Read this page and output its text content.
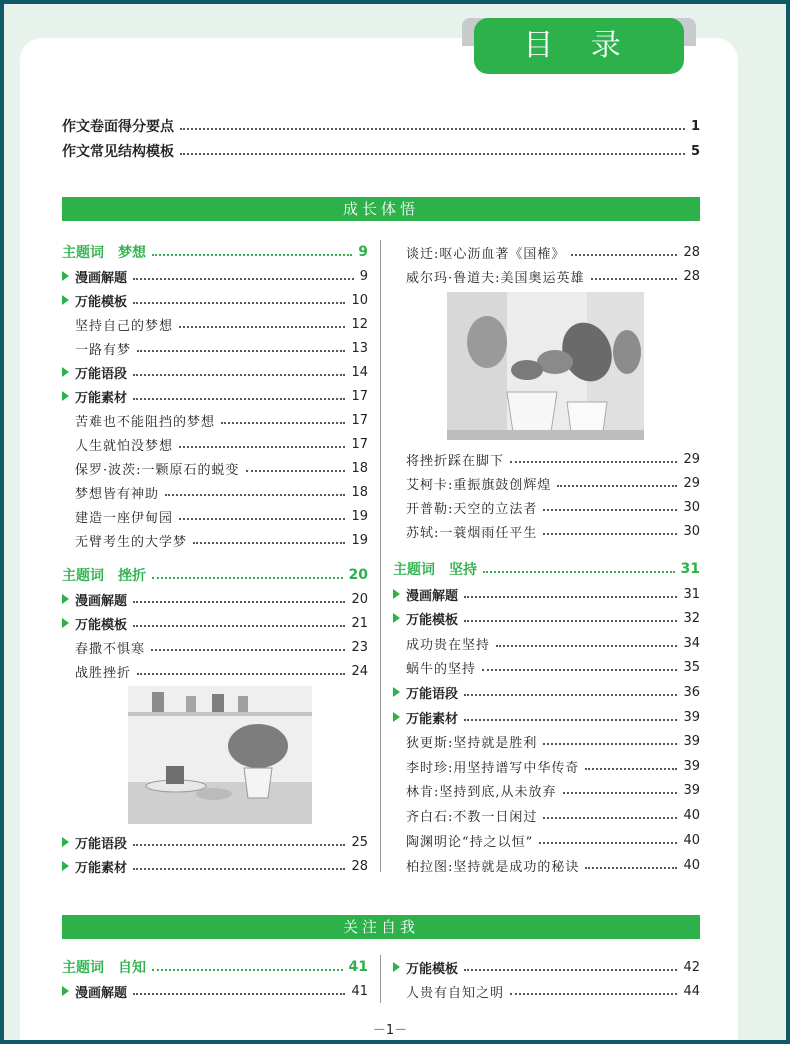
目 录
作文卷面得分要点	1
作文常见结构模板	5
成长体悟
主题词　梦想	9
漫画解题	9
万能模板	10
坚持自己的梦想	12
一路有梦	13
万能语段	14
万能素材	17
苦难也不能阻挡的梦想	17
人生就怕没梦想	17
保罗·波茨:一颗原石的蜕变	18
梦想皆有神助	18
建造一座伊甸园	19
无臂考生的大学梦	19
主题词　挫折	20
漫画解题	20
万能模板	21
春撒不惧寒	23
战胜挫折	24
万能语段	25
万能素材	28
谈迁:呕心沥血著《国榷》	28
威尔玛·鲁道夫:美国奥运英雄	28
将挫折踩在脚下	29
艾柯卡:重振旗鼓创辉煌	29
开普勒:天空的立法者	30
苏轼:一蓑烟雨任平生	30
主题词　坚持	31
漫画解题	31
万能模板	32
成功贵在坚持	34
蜗牛的坚持	35
万能语段	36
万能素材	39
狄更斯:坚持就是胜利	39
李时珍:用坚持谱写中华传奇	39
林肯:坚持到底,从未放弃	39
齐白石:不教一日闲过	40
陶渊明论“持之以恒”	40
柏拉图:坚持就是成功的秘诀	40
关注自我
主题词　自知	41
漫画解题	41
万能模板	42
人贵有自知之明	44
－1－
